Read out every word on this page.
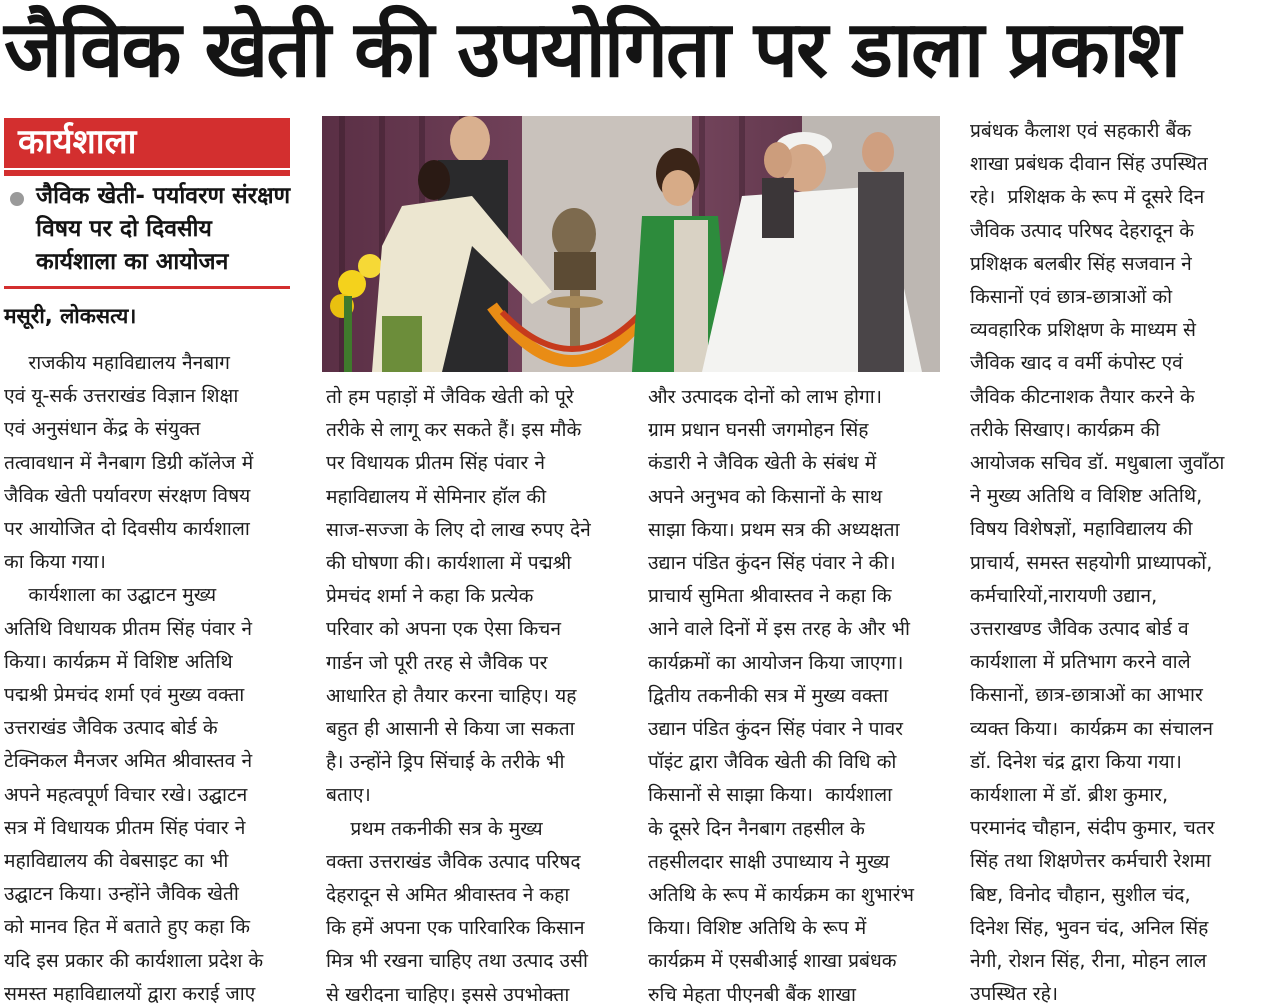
जैविक खेती की उपयोगिता पर डाला प्रकाश
कार्यशाला
जैविक खेती- पर्यावरण संरक्षण विषय पर दो दिवसीय कार्यशाला का आयोजन
मसूरी, लोकसत्य।

राजकीय महाविद्यालय नैनबाग

एवं यू-सर्क उत्तराखंड विज्ञान शिक्षा

एवं अनुसंधान केंद्र के संयुक्त

तत्वावधान में नैनबाग डिग्री कॉलेज में

जैविक खेती पर्यावरण संरक्षण विषय

पर आयोजित दो दिवसीय कार्यशाला

का किया गया।

कार्यशाला का उद्घाटन मुख्य

अतिथि विधायक प्रीतम सिंह पंवार ने

किया। कार्यक्रम में विशिष्ट अतिथि

पद्मश्री प्रेमचंद शर्मा एवं मुख्य वक्ता

उत्तराखंड जैविक उत्पाद बोर्ड के

टेक्निकल मैनजर अमित श्रीवास्तव ने

अपने महत्वपूर्ण विचार रखे। उद्घाटन

सत्र में विधायक प्रीतम सिंह पंवार ने

महाविद्यालय की वेबसाइट का भी

उद्घाटन किया। उन्होंने जैविक खेती

को मानव हित में बताते हुए कहा कि

यदि इस प्रकार की कार्यशाला प्रदेश के

समस्त महाविद्यालयों द्वारा कराई जाए

तो हम पहाड़ों में जैविक खेती को पूरे

तरीके से लागू कर सकते हैं। इस मौके

पर विधायक प्रीतम सिंह पंवार ने

महाविद्यालय में सेमिनार हॉल की

साज-सज्जा के लिए दो लाख रुपए देने

की घोषणा की। कार्यशाला में पद्मश्री

प्रेमचंद शर्मा ने कहा कि प्रत्येक

परिवार को अपना एक ऐसा किचन

गार्डन जो पूरी तरह से जैविक पर

आधारित हो तैयार करना चाहिए। यह

बहुत ही आसानी से किया जा सकता

है। उन्होंने ड्रिप सिंचाई के तरीके भी

बताए।

प्रथम तकनीकी सत्र के मुख्य

वक्ता उत्तराखंड जैविक उत्पाद परिषद

देहरादून से अमित श्रीवास्तव ने कहा

कि हमें अपना एक पारिवारिक किसान

मित्र भी रखना चाहिए तथा उत्पाद उसी

से खरीदना चाहिए। इससे उपभोक्ता

और उत्पादक दोनों को लाभ होगा।

ग्राम प्रधान घनसी जगमोहन सिंह

कंडारी ने जैविक खेती के संबंध में

अपने अनुभव को किसानों के साथ

साझा किया। प्रथम सत्र की अध्यक्षता

उद्यान पंडित कुंदन सिंह पंवार ने की।

प्राचार्य सुमिता श्रीवास्तव ने कहा कि

आने वाले दिनों में इस तरह के और भी

कार्यक्रमों का आयोजन किया जाएगा।

द्वितीय तकनीकी सत्र में मुख्य वक्ता

उद्यान पंडित कुंदन सिंह पंवार ने पावर

पॉइंट द्वारा जैविक खेती की विधि को

किसानों से साझा किया।  कार्यशाला

के दूसरे दिन नैनबाग तहसील के

तहसीलदार साक्षी उपाध्याय ने मुख्य

अतिथि के रूप में कार्यक्रम का शुभारंभ

किया। विशिष्ट अतिथि के रूप में

कार्यक्रम में एसबीआई शाखा प्रबंधक

रुचि मेहता पीएनबी बैंक शाखा

प्रबंधक कैलाश एवं सहकारी बैंक

शाखा प्रबंधक दीवान सिंह उपस्थित

रहे।  प्रशिक्षक के रूप में दूसरे दिन

जैविक उत्पाद परिषद देहरादून के

प्रशिक्षक बलबीर सिंह सजवान ने

किसानों एवं छात्र-छात्राओं को

व्यवहारिक प्रशिक्षण के माध्यम से

जैविक खाद व वर्मी कंपोस्ट एवं

जैविक कीटनाशक तैयार करने के

तरीके सिखाए। कार्यक्रम की

आयोजक सचिव डॉ. मधुबाला जुवाँठा

ने मुख्य अतिथि व विशिष्ट अतिथि,

विषय विशेषज्ञों, महाविद्यालय की

प्राचार्य, समस्त सहयोगी प्राध्यापकों,

कर्मचारियों,नारायणी उद्यान,

उत्तराखण्ड जैविक उत्पाद बोर्ड व

कार्यशाला में प्रतिभाग करने वाले

किसानों, छात्र-छात्राओं का आभार

व्यक्त किया।  कार्यक्रम का संचालन

डॉ. दिनेश चंद्र द्वारा किया गया।

कार्यशाला में डॉ. ब्रीश कुमार,

परमानंद चौहान, संदीप कुमार, चतर

सिंह तथा शिक्षणेत्तर कर्मचारी रेशमा

बिष्ट, विनोद चौहान, सुशील चंद,

दिनेश सिंह, भुवन चंद, अनिल सिंह

नेगी, रोशन सिंह, रीना, मोहन लाल

उपस्थित रहे।
